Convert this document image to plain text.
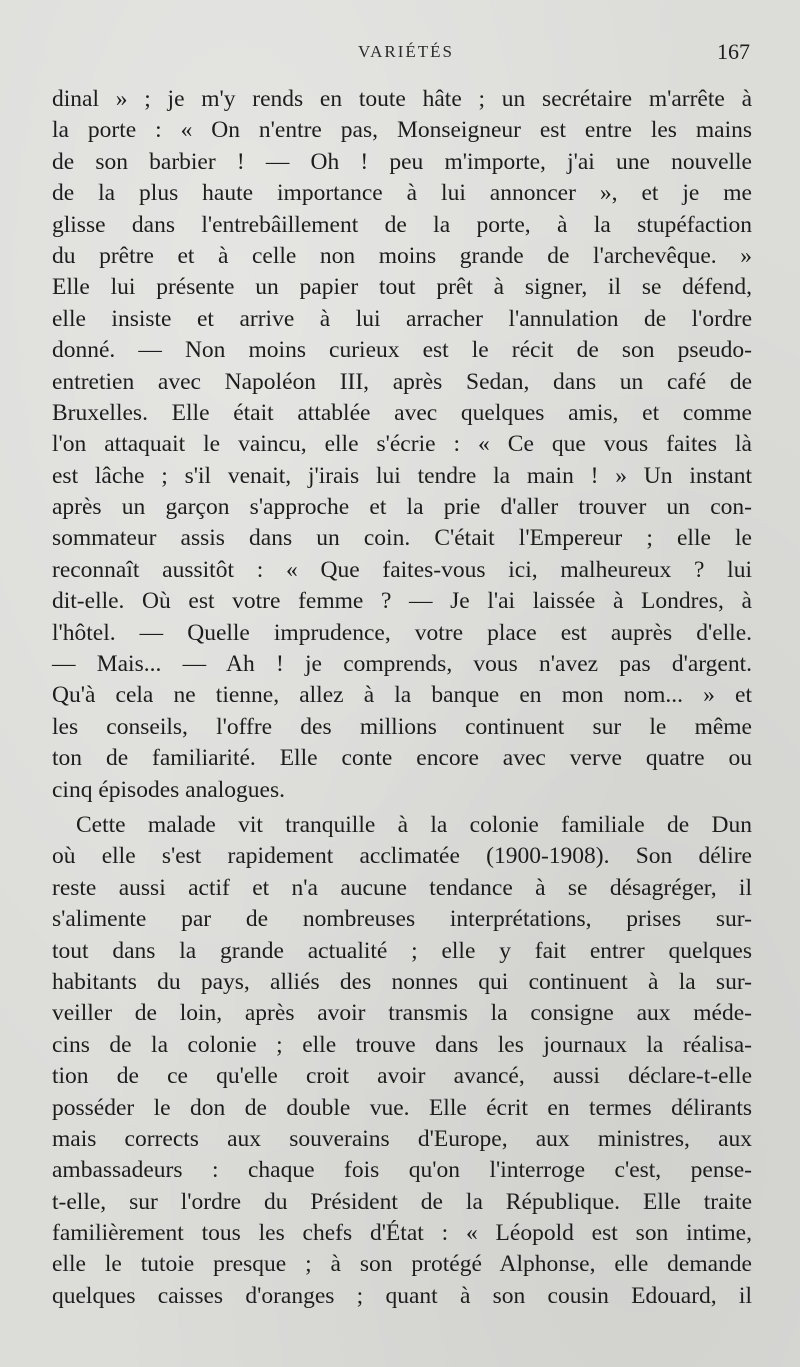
VARIÉTÉS	167
dinal » ; je m'y rends en toute hâte ; un secrétaire m'arrête à
la porte : « On n'entre pas, Monseigneur est entre les mains
de son barbier ! — Oh ! peu m'importe, j'ai une nouvelle
de la plus haute importance à lui annoncer », et je me
glisse dans l'entrebâillement de la porte, à la stupéfaction
du prêtre et à celle non moins grande de l'archevêque. »
Elle lui présente un papier tout prêt à signer, il se défend,
elle insiste et arrive à lui arracher l'annulation de l'ordre
donné. — Non moins curieux est le récit de son pseudo-
entretien avec Napoléon III, après Sedan, dans un café de
Bruxelles. Elle était attablée avec quelques amis, et comme
l'on attaquait le vaincu, elle s'écrie : « Ce que vous faites là
est lâche ; s'il venait, j'irais lui tendre la main ! » Un instant
après un garçon s'approche et la prie d'aller trouver un con-
sommateur assis dans un coin. C'était l'Empereur ; elle le
reconnaît aussitôt : « Que faites-vous ici, malheureux ? lui
dit-elle. Où est votre femme ? — Je l'ai laissée à Londres, à
l'hôtel. — Quelle imprudence, votre place est auprès d'elle.
— Mais... — Ah ! je comprends, vous n'avez pas d'argent.
Qu'à cela ne tienne, allez à la banque en mon nom... » et
les conseils, l'offre des millions continuent sur le même
ton de familiarité. Elle conte encore avec verve quatre ou
cinq épisodes analogues.
Cette malade vit tranquille à la colonie familiale de Dun
où elle s'est rapidement acclimatée (1900-1908). Son délire
reste aussi actif et n'a aucune tendance à se désagréger, il
s'alimente par de nombreuses interprétations, prises sur-
tout dans la grande actualité ; elle y fait entrer quelques
habitants du pays, alliés des nonnes qui continuent à la sur-
veiller de loin, après avoir transmis la consigne aux méde-
cins de la colonie ; elle trouve dans les journaux la réalisa-
tion de ce qu'elle croit avoir avancé, aussi déclare-t-elle
posséder le don de double vue. Elle écrit en termes délirants
mais corrects aux souverains d'Europe, aux ministres, aux
ambassadeurs : chaque fois qu'on l'interroge c'est, pense-
t-elle, sur l'ordre du Président de la République. Elle traite
familièrement tous les chefs d'État : « Léopold est son intime,
elle le tutoie presque ; à son protégé Alphonse, elle demande
quelques caisses d'oranges ; quant à son cousin Edouard, il
